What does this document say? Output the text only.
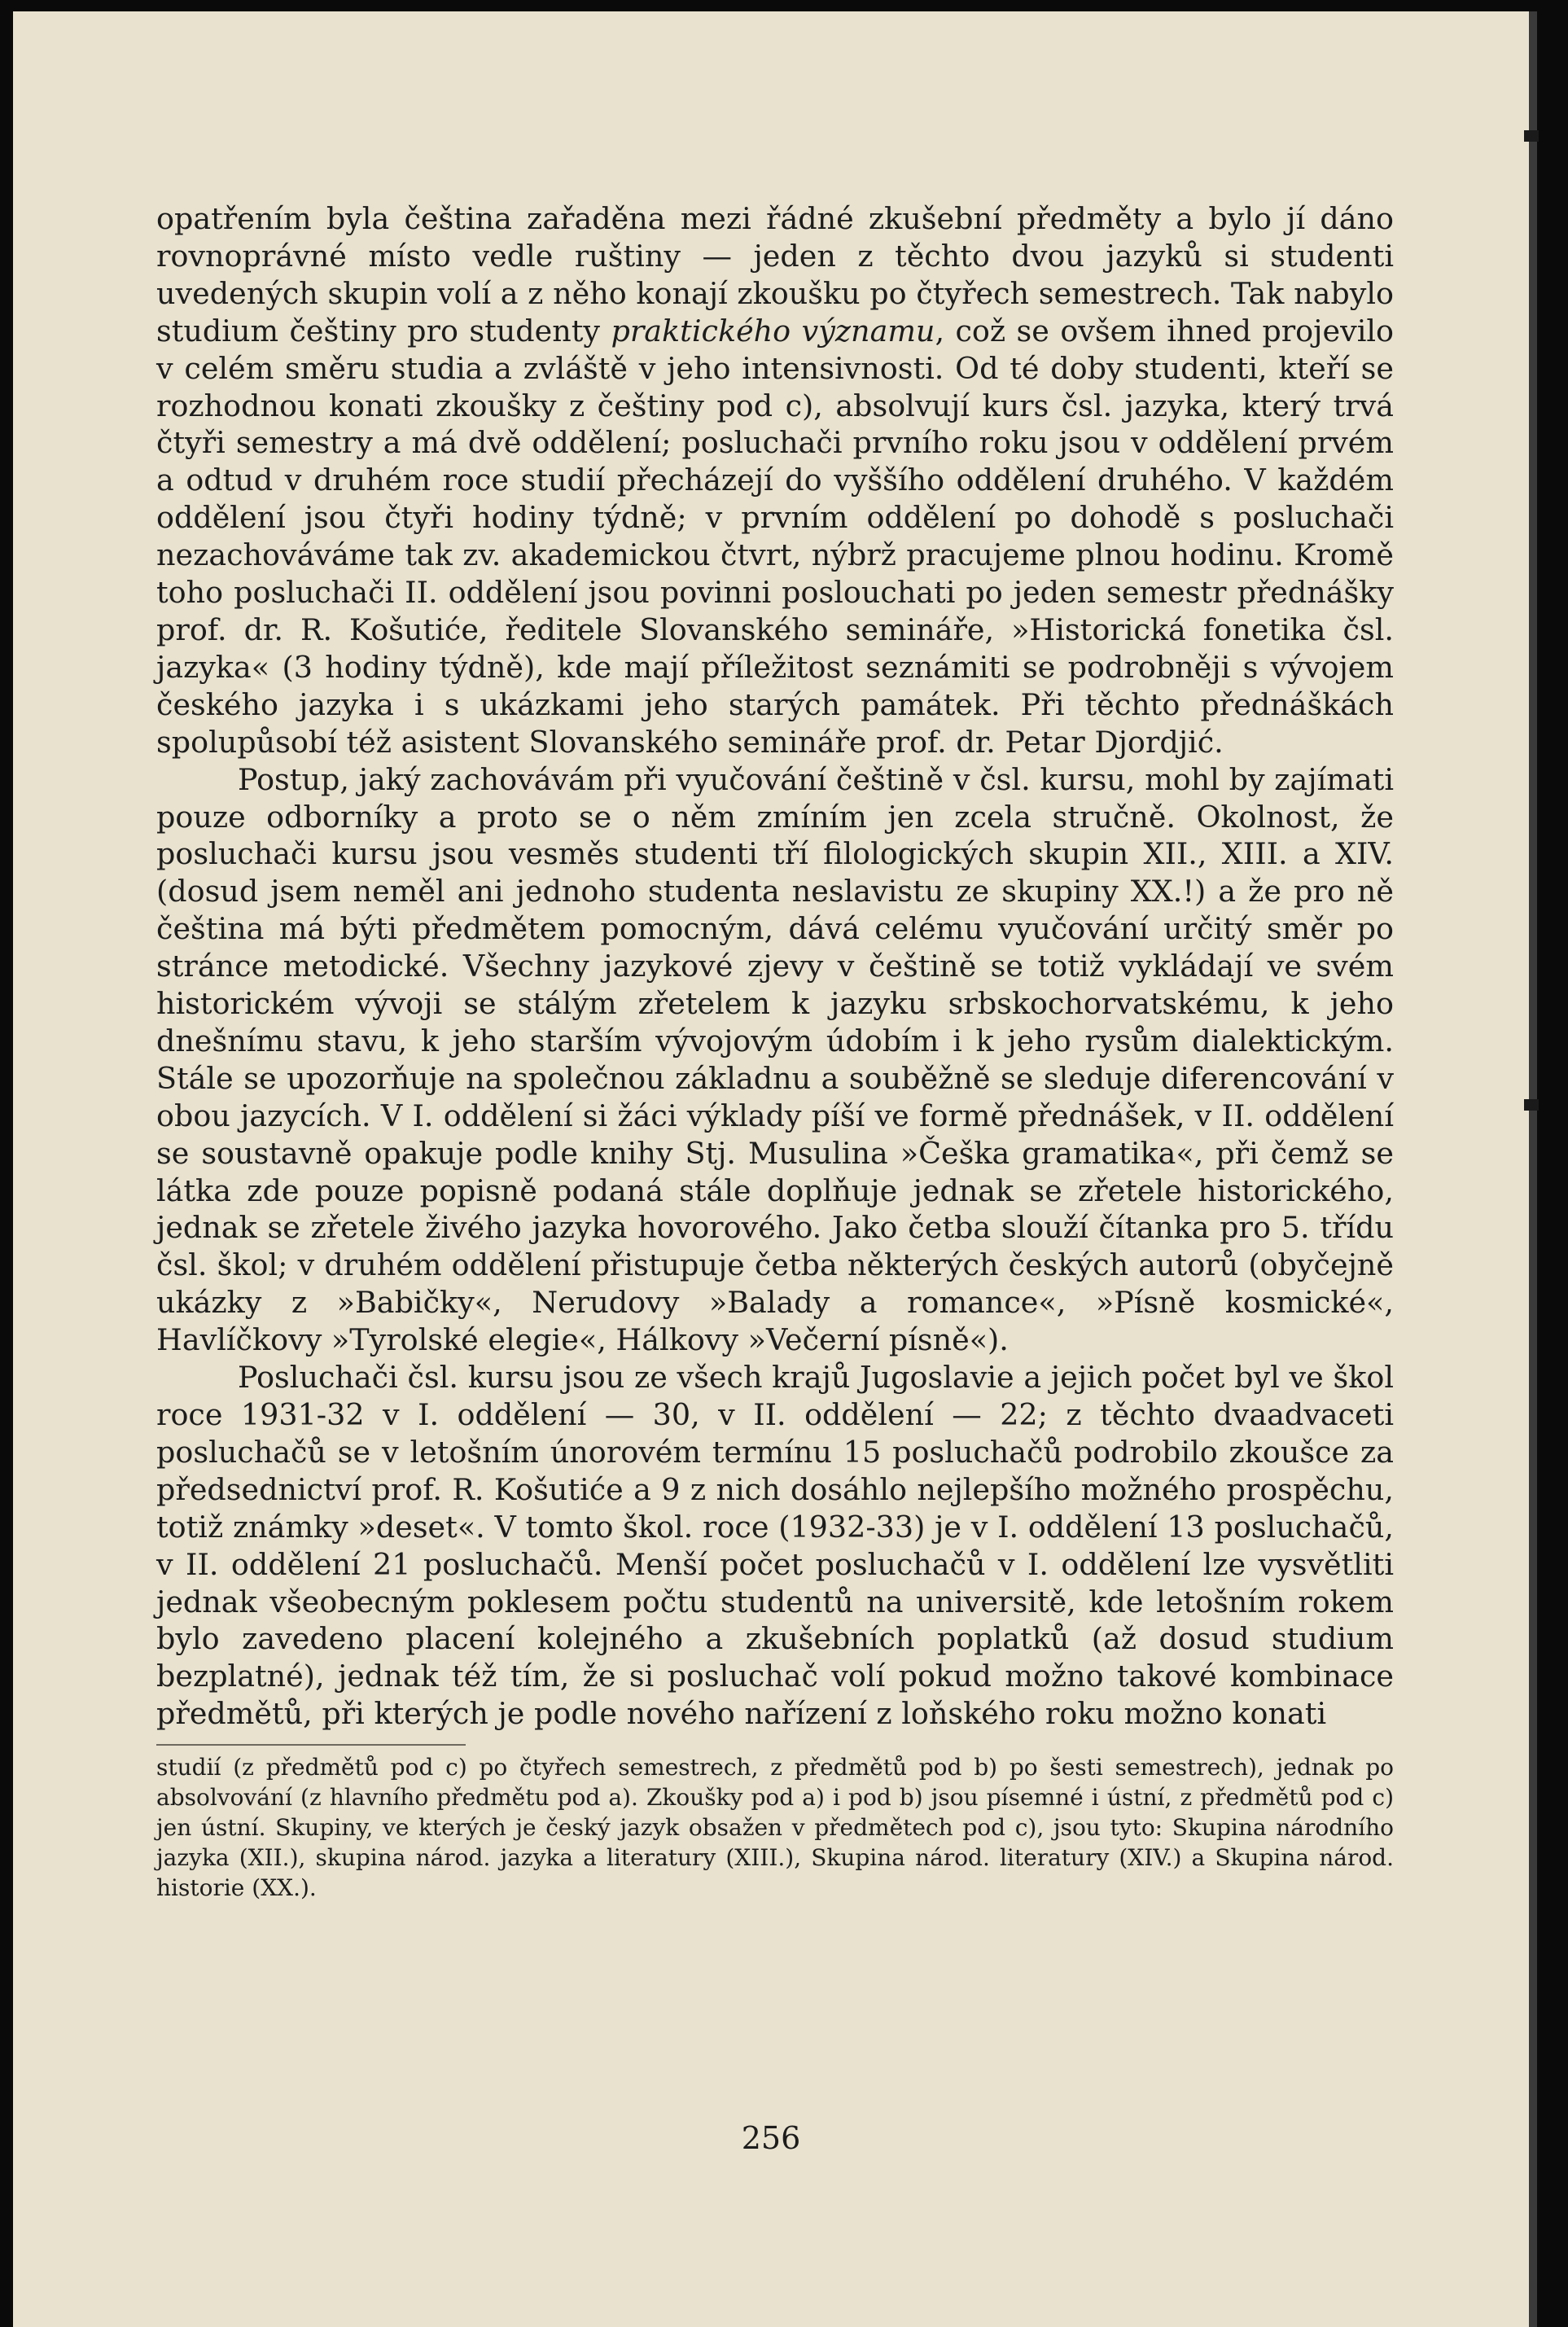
opatřením byla čeština zařaděna mezi řádné zkušební předměty a bylo jí dáno rovnoprávné místo vedle ruštiny — jeden z těchto dvou jazyků si studenti uvedených skupin volí a z něho konají zkoušku po čtyřech semestrech. Tak nabylo studium češtiny pro studenty praktického významu, což se ovšem ihned projevilo v celém směru studia a zvláště v jeho intensivnosti. Od té doby studenti, kteří se rozhodnou konati zkoušky z češtiny pod c), absolvují kurs čsl. jazyka, který trvá čtyři semestry a má dvě oddělení; posluchači prvního roku jsou v oddělení prvém a odtud v druhém roce studií přecházejí do vyššího oddělení druhého. V každém oddělení jsou čtyři hodiny týdně; v prvním oddělení po dohodě s posluchači nezachováváme tak zv. akademickou čtvrt, nýbrž pracujeme plnou hodinu. Kromě toho posluchači II. oddělení jsou povinni poslouchati po jeden semestr přednášky prof. dr. R. Košutiće, ředitele Slovanského semináře, »Historická fonetika čsl. jazyka« (3 hodiny týdně), kde mají příležitost seznámiti se podrobněji s vývojem českého jazyka i s ukázkami jeho starých památek. Při těchto přednáškách spolupůsobí též asistent Slovanského semináře prof. dr. Petar Djordjić.

Postup, jaký zachovávám při vyučování češtině v čsl. kursu, mohl by zajímati pouze odborníky a proto se o něm zmíním jen zcela stručně. Okolnost, že posluchači kursu jsou vesměs studenti tří filologických skupin XII., XIII. a XIV. (dosud jsem neměl ani jednoho studenta neslavistu ze skupiny XX.!) a že pro ně čeština má býti předmětem pomocným, dává celému vyučování určitý směr po stránce metodické. Všechny jazykové zjevy v češtině se totiž vykládají ve svém historickém vývoji se stálým zřetelem k jazyku srbskochorvatskému, k jeho dnešnímu stavu, k jeho starším vývojovým údobím i k jeho rysům dialektickým. Stále se upozorňuje na společnou základnu a souběžně se sleduje diferencování v obou jazycích. V I. oddělení si žáci výklady píší ve formě přednášek, v II. oddělení se soustavně opakuje podle knihy Stj. Musulina »Češka gramatika«, při čemž se látka zde pouze popisně podaná stále doplňuje jednak se zřetele historického, jednak se zřetele živého jazyka hovorového. Jako četba slouží čítanka pro 5. třídu čsl. škol; v druhém oddělení přistupuje četba některých českých autorů (obyčejně ukázky z »Babičky«, Nerudovy »Balady a romance«, »Písně kosmické«, Havlíčkovy »Tyrolské elegie«, Hálkovy »Večerní písně«).

Posluchači čsl. kursu jsou ze všech krajů Jugoslavie a jejich počet byl ve škol roce 1931-32 v I. oddělení — 30, v II. oddělení — 22; z těchto dvaadvaceti posluchačů se v letošním únorovém termínu 15 posluchačů podrobilo zkoušce za předsednictví prof. R. Košutiće a 9 z nich dosáhlo nejlepšího možného prospěchu, totiž známky »deset«. V tomto škol. roce (1932-33) je v I. oddělení 13 posluchačů, v II. oddělení 21 posluchačů. Menší počet posluchačů v I. oddělení lze vysvětliti jednak všeobecným poklesem počtu studentů na universitě, kde letošním rokem bylo zavedeno placení kolejného a zkušebních poplatků (až dosud studium bezplatné), jednak též tím, že si posluchač volí pokud možno takové kombinace předmětů, při kterých je podle nového nařízení z loňského roku možno konati

studií (z předmětů pod c) po čtyřech semestrech, z předmětů pod b) po šesti semestrech), jednak po absolvování (z hlavního předmětu pod a). Zkoušky pod a) i pod b) jsou písemné i ústní, z předmětů pod c) jen ústní. Skupiny, ve kterých je český jazyk obsažen v předmětech pod c), jsou tyto: Skupina národního jazyka (XII.), skupina národ. jazyka a literatury (XIII.), Skupina národ. literatury (XIV.) a Skupina národ. historie (XX.).

256
